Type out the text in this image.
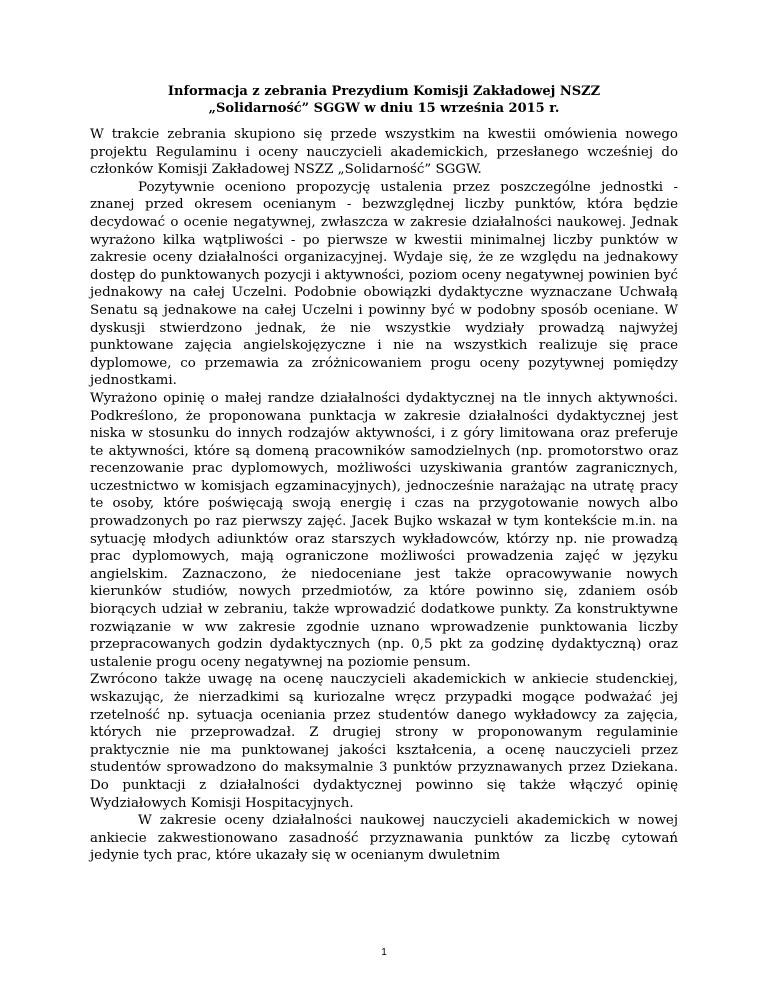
Informacja z zebrania Prezydium Komisji Zakładowej NSZZ
„Solidarność” SGGW w dniu 15 września 2015 r.

W trakcie zebrania skupiono się przede wszystkim na kwestii omówienia nowego projektu Regulaminu i oceny nauczycieli akademickich, przesłanego wcześniej do członków Komisji Zakładowej NSZZ „Solidarność” SGGW.

Pozytywnie oceniono propozycję ustalenia przez poszczególne jednostki - znanej przed okresem ocenianym - bezwzględnej liczby punktów, która będzie decydować o ocenie negatywnej, zwłaszcza w zakresie działalności naukowej. Jednak wyrażono kilka wątpliwości - po pierwsze w kwestii minimalnej liczby punktów w zakresie oceny działalności organizacyjnej. Wydaje się, że ze względu na jednakowy dostęp do punktowanych pozycji i aktywności, poziom oceny negatywnej powinien być jednakowy na całej Uczelni. Podobnie obowiązki dydaktyczne wyznaczane Uchwałą Senatu są jednakowe na całej Uczelni i powinny być w podobny sposób oceniane. W dyskusji stwierdzono jednak, że nie wszystkie wydziały prowadzą najwyżej punktowane zajęcia angielskojęzyczne i nie na wszystkich realizuje się prace dyplomowe, co przemawia za zróżnicowaniem progu oceny pozytywnej pomiędzy jednostkami.

Wyrażono opinię o małej randze działalności dydaktycznej na tle innych aktywności. Podkreślono, że proponowana punktacja w zakresie działalności dydaktycznej jest niska w stosunku do innych rodzajów aktywności, i z góry limitowana oraz preferuje te aktywności, które są domeną pracowników samodzielnych (np. promotorstwo oraz recenzowanie prac dyplomowych, możliwości uzyskiwania grantów zagranicznych, uczestnictwo w komisjach egzaminacyjnych), jednocześnie narażając na utratę pracy te osoby, które poświęcają swoją energię i czas na przygotowanie nowych albo prowadzonych po raz pierwszy zajęć. Jacek Bujko wskazał w tym kontekście m.in. na sytuację młodych adiunktów oraz starszych wykładowców, którzy np. nie prowadzą prac dyplomowych, mają ograniczone możliwości prowadzenia zajęć w języku angielskim. Zaznaczono, że niedoceniane jest także opracowywanie nowych kierunków studiów, nowych przedmiotów, za które powinno się, zdaniem osób biorących udział w zebraniu, także wprowadzić dodatkowe punkty. Za konstruktywne rozwiązanie w ww zakresie zgodnie uznano wprowadzenie punktowania liczby przepracowanych godzin dydaktycznych (np. 0,5 pkt za godzinę dydaktyczną) oraz ustalenie progu oceny negatywnej na poziomie pensum.

Zwrócono także uwagę na ocenę nauczycieli akademickich w ankiecie studenckiej, wskazując, że nierzadkimi są kuriozalne wręcz przypadki mogące podważać jej rzetelność np. sytuacja oceniania przez studentów danego wykładowcy za zajęcia, których nie przeprowadzał. Z drugiej strony w proponowanym regulaminie praktycznie nie ma punktowanej jakości kształcenia, a ocenę nauczycieli przez studentów sprowadzono do maksymalnie 3 punktów przyznawanych przez Dziekana. Do punktacji z działalności dydaktycznej powinno się także włączyć opinię Wydziałowych Komisji Hospitacyjnych.

W zakresie oceny działalności naukowej nauczycieli akademickich w nowej ankiecie zakwestionowano zasadność przyznawania punktów za liczbę cytowań jedynie tych prac, które ukazały się w ocenianym dwuletnim

1
